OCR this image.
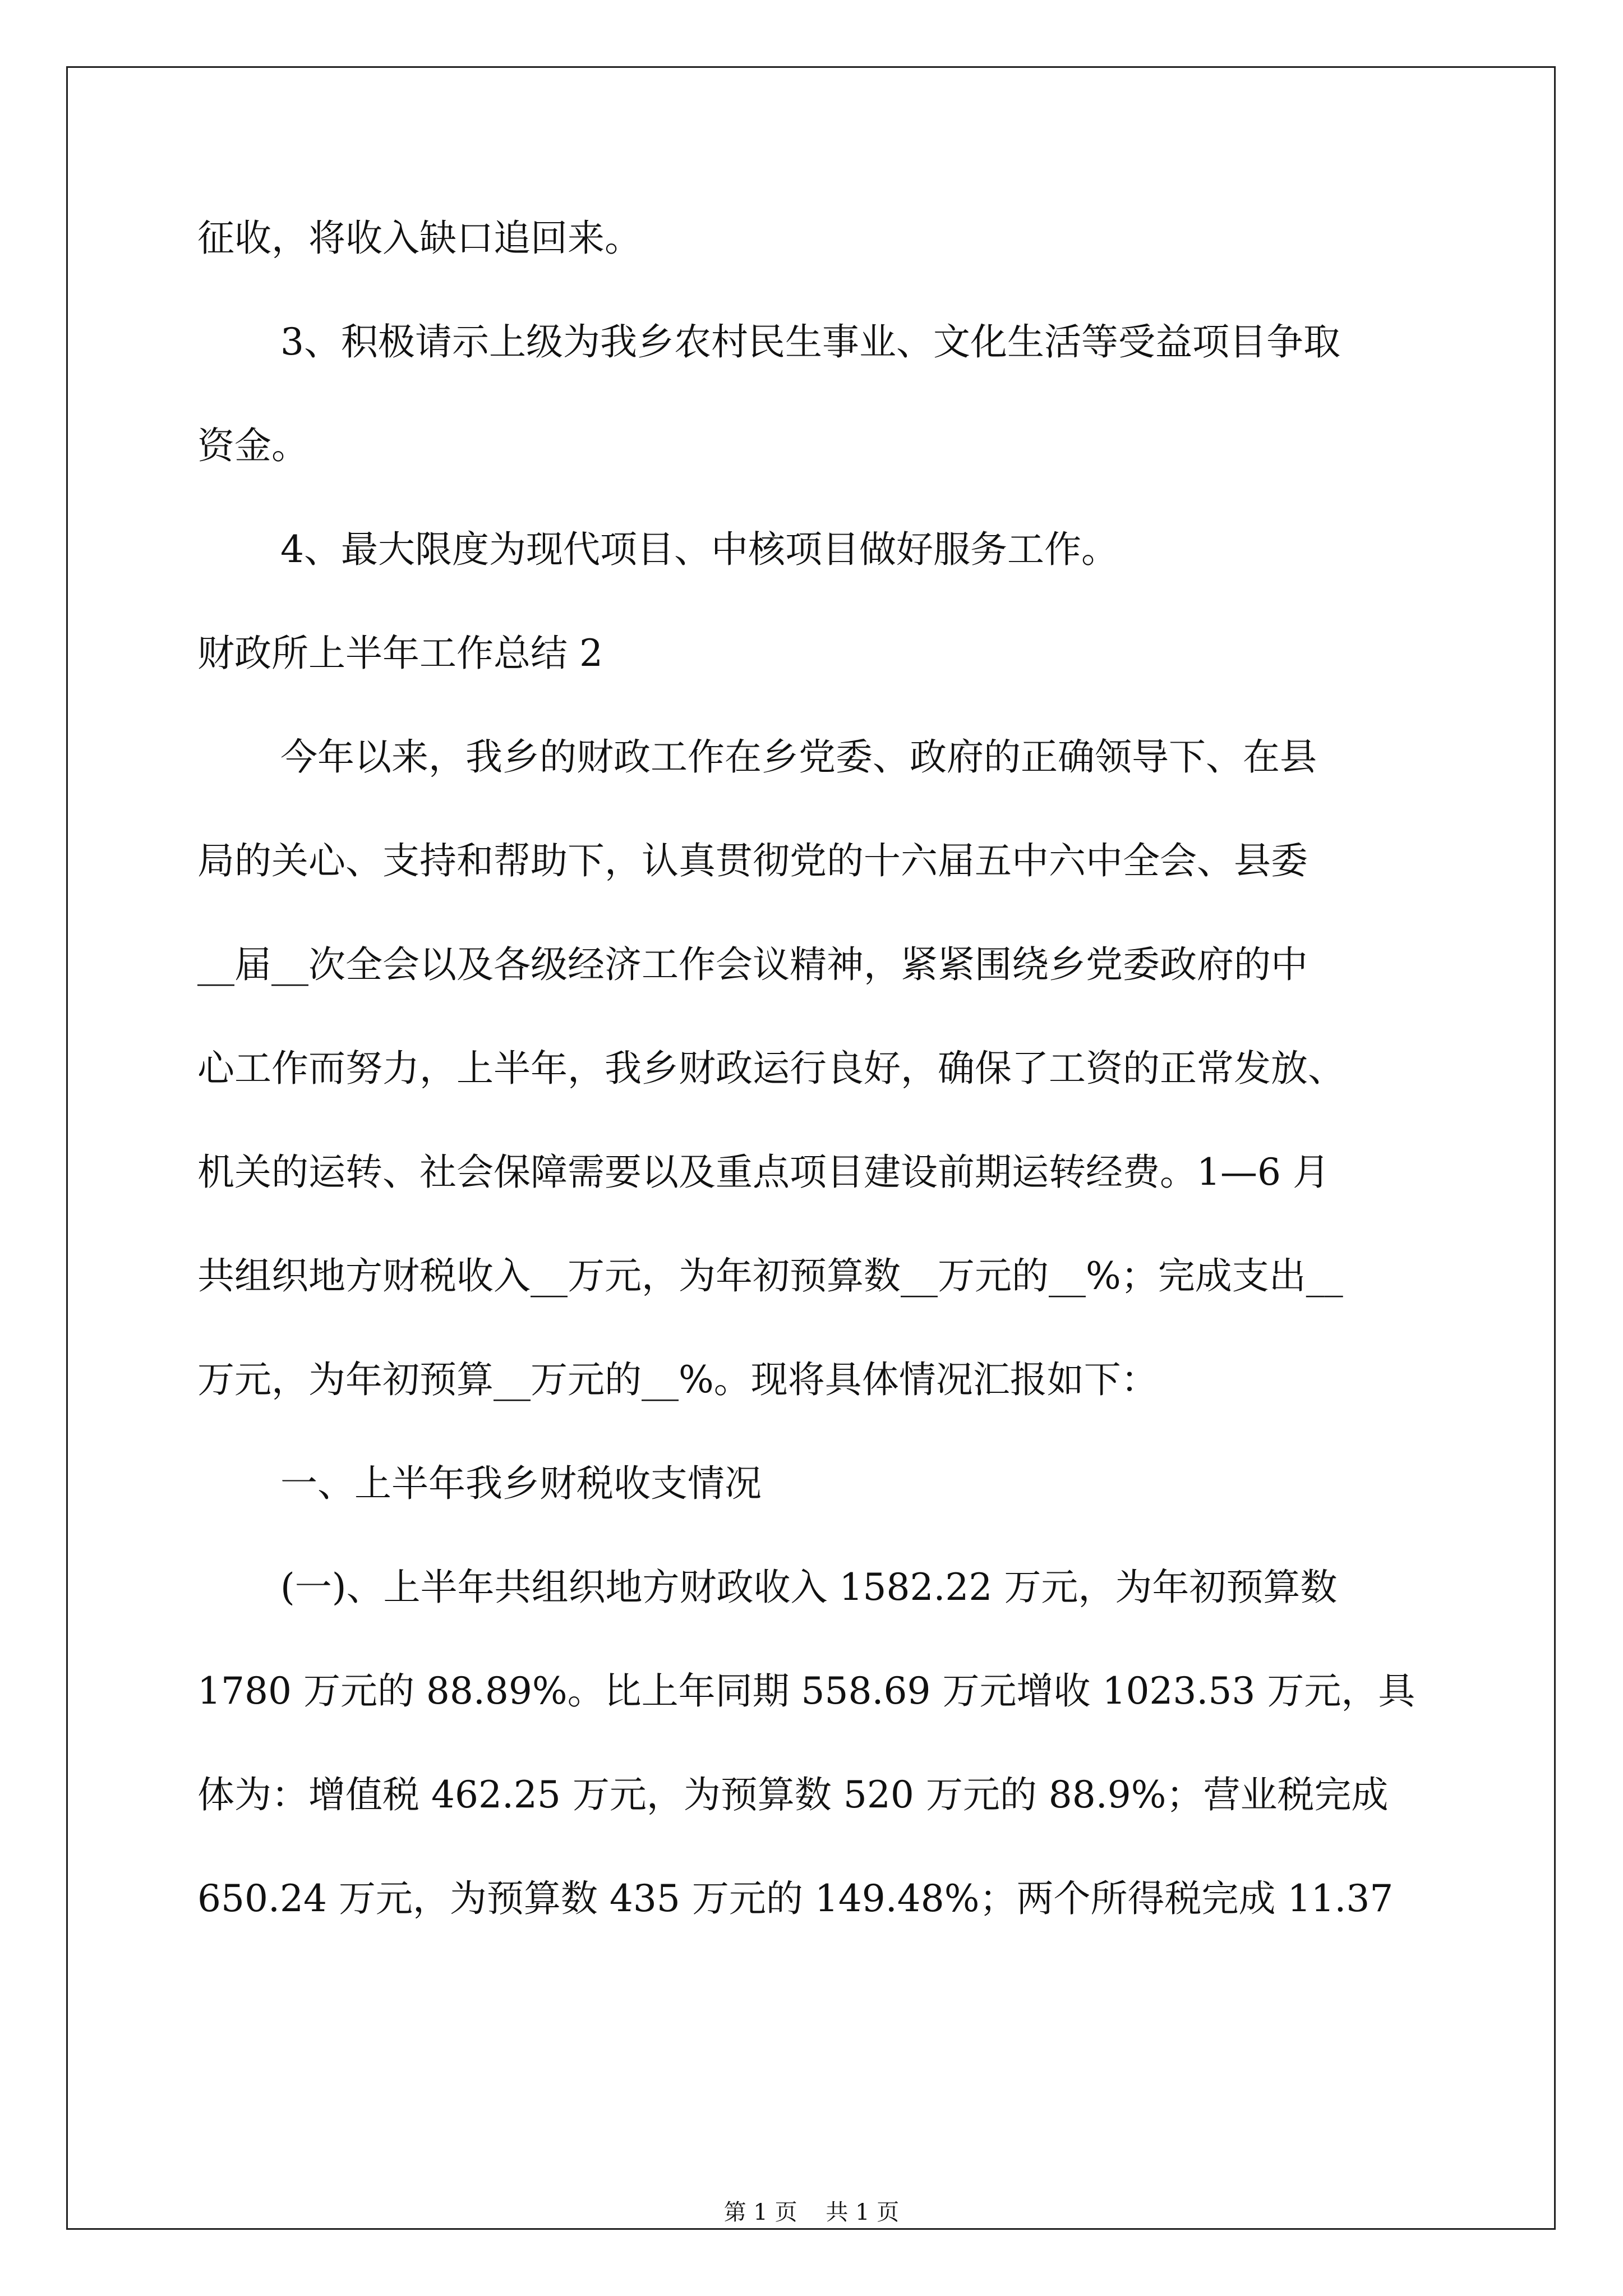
征收，将收入缺口追回来。
3、积极请示上级为我乡农村民生事业、文化生活等受益项目争取
资金。
4、最大限度为现代项目、中核项目做好服务工作。
财政所上半年工作总结 2
今年以来，我乡的财政工作在乡党委、政府的正确领导下、在县
局的关心、支持和帮助下，认真贯彻党的十六届五中六中全会、县委
__届__次全会以及各级经济工作会议精神，紧紧围绕乡党委政府的中
心工作而努力，上半年，我乡财政运行良好，确保了工资的正常发放、
机关的运转、社会保障需要以及重点项目建设前期运转经费。1—6 月
共组织地方财税收入__万元，为年初预算数__万元的__%；完成支出__
万元，为年初预算__万元的__%。现将具体情况汇报如下：
一、上半年我乡财税收支情况
(一)、上半年共组织地方财政收入 1582.22 万元，为年初预算数
1780 万元的 88.89%。比上年同期 558.69 万元增收 1023.53 万元，具
体为：增值税 462.25 万元，为预算数 520 万元的 88.9%；营业税完成
650.24 万元，为预算数 435 万元的 149.48%；两个所得税完成 11.37
第 1 页    共 1 页
